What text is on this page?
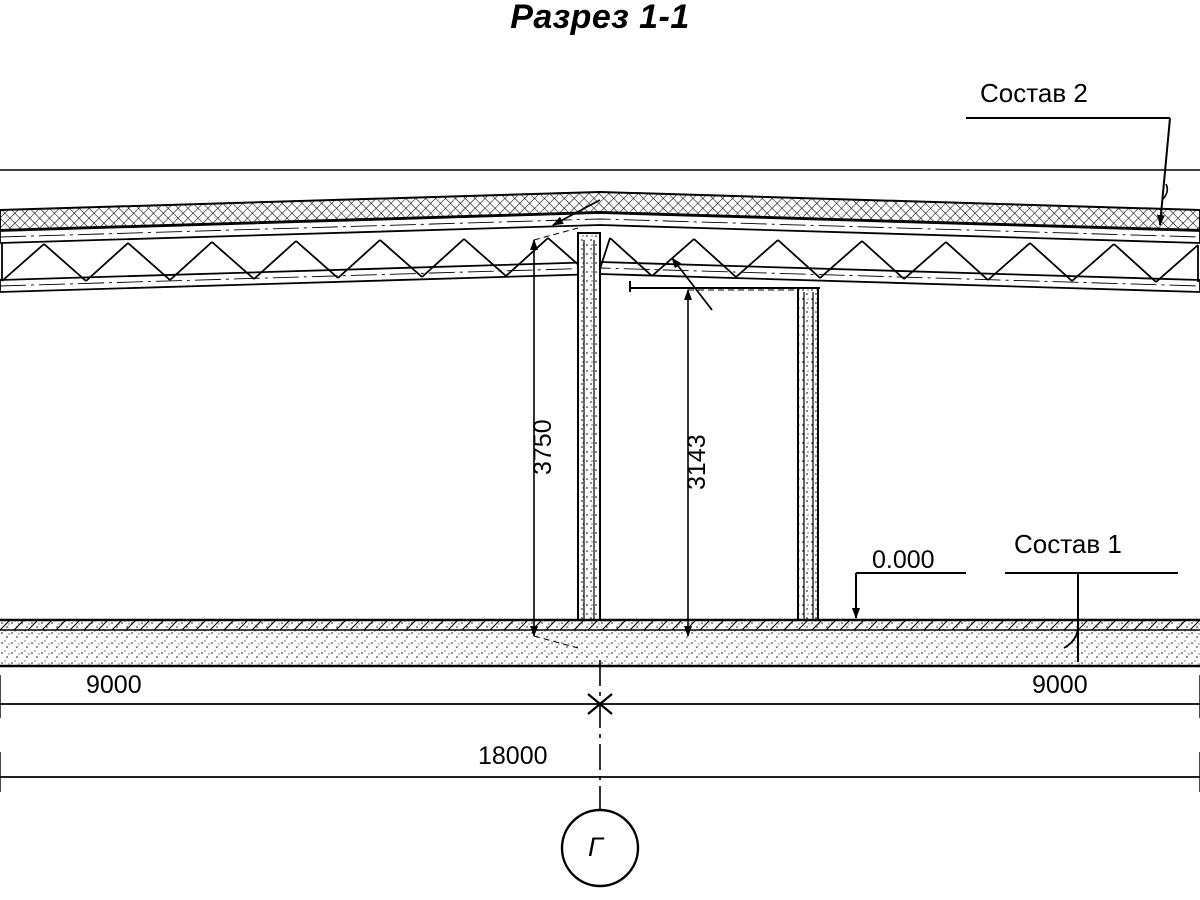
Разрез 1-1
Состав 2
Состав 1
0.000
3750	3143
9000	9000
18000
Г
